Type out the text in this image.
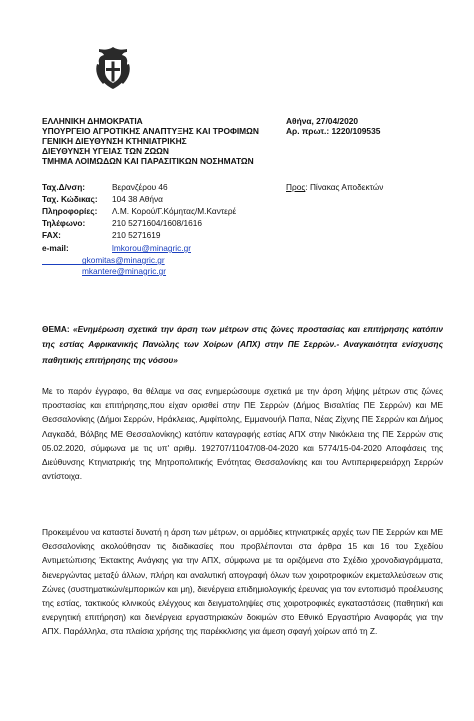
ΕΛΛΗΝΙΚΗ ΔΗΜΟΚΡΑΤΙΑ
ΥΠΟΥΡΓΕΙΟ ΑΓΡΟΤΙΚΗΣ ΑΝΑΠΤΥΞΗΣ ΚΑΙ ΤΡΟΦΙΜΩΝ
ΓΕΝΙΚΗ ΔΙΕΥΘΥΝΣΗ ΚΤΗΝΙΑΤΡΙΚΗΣ
ΔΙΕΥΘΥΝΣΗ ΥΓΕΙΑΣ ΤΩΝ ΖΩΩΝ
ΤΜΗΜΑ ΛΟΙΜΩΔΩΝ ΚΑΙ ΠΑΡΑΣΙΤΙΚΩΝ ΝΟΣΗΜΑΤΩΝ
Αθήνα, 27/04/2020
Αρ. πρωτ.: 1220/109535
Ταχ.Δ/νση:	Βερανζέρου 46
Ταχ. Κώδικας: 104 38 Αθήνα
Πληροφορίες: Λ.Μ. Κορού/Γ.Κόμητας/Μ.Καντερέ
Τηλέφωνο:	210 5271604/1608/1616
FAX:	210 5271619
e-mail:	lmkorou@minagric.gr
gkomitas@minagric.gr
mkantere@minagric.gr
Προς: Πίνακας Αποδεκτών
ΘΕΜΑ: «Ενημέρωση σχετικά την άρση των μέτρων στις ζώνες προστασίας και επιτήρησης κατόπιν της εστίας Αφρικανικής Πανώλης των Χοίρων (ΑΠΧ) στην ΠΕ Σερρών.- Αναγκαιότητα ενίσχυσης παθητικής επιτήρησης της νόσου»
Με το παρόν έγγραφο, θα θέλαμε να σας ενημερώσουμε σχετικά με την άρση λήψης μέτρων στις ζώνες προστασίας και επιτήρησης,που είχαν ορισθεί στην ΠΕ Σερρών (Δήμος Βισαλτίας ΠΕ Σερρών) και ΜΕ Θεσσαλονίκης (Δήμοι Σερρών, Ηράκλειας, Αμφίπολης, Εμμανουήλ Παπα, Νέας Ζίχνης ΠΕ Σερρών και Δήμος Λαγκαδά, Βόλβης ΜΕ Θεσσαλονίκης) κατόπιν καταγραφής εστίας ΑΠΧ στην Νικόκλεια της ΠΕ Σερρών στις 05.02.2020, σύμφωνα με τις υπ' αριθμ. 192707/11047/08-04-2020 και 5774/15-04-2020 Αποφάσεις της Διεύθυνσης Κτηνιατρικής της Μητροπολιτικής Ενότητας Θεσσαλονίκης και του Αντιπεριφερειάρχη Σερρών αντίστοιχα.
Προκειμένου να καταστεί δυνατή η άρση των μέτρων, οι αρμόδιες κτηνιατρικές αρχές των ΠΕ Σερρών και ΜΕ Θεσσαλονίκης ακολούθησαν τις διαδικασίες που προβλέπονται στα άρθρα 15 και 16 του Σχεδίου Αντιμετώπισης Έκτακτης Ανάγκης για την ΑΠΧ, σύμφωνα με τα οριζόμενα στο Σχέδιο χρονοδιαγράμματα, διενεργώντας μεταξύ άλλων, πλήρη και αναλυτική απογραφή όλων των χοιροτροφικών εκμεταλλεύσεων στις Ζώνες (συστηματικών/εμπορικών και μη), διενέργεια επιδημιολογικής έρευνας για τον εντοπισμό προέλευσης της εστίας, τακτικούς κλινικούς ελέγχους και δειγματοληψίες στις χοιροτροφικές εγκαταστάσεις (παθητική και ενεργητική επιτήρηση) και διενέργεια εργαστηριακών δοκιμών στο Εθνικό Εργαστήριο Αναφοράς για την ΑΠΧ. Παράλληλα, στα πλαίσια χρήσης της παρέκκλισης για άμεση σφαγή χοίρων από τη Ζ.
